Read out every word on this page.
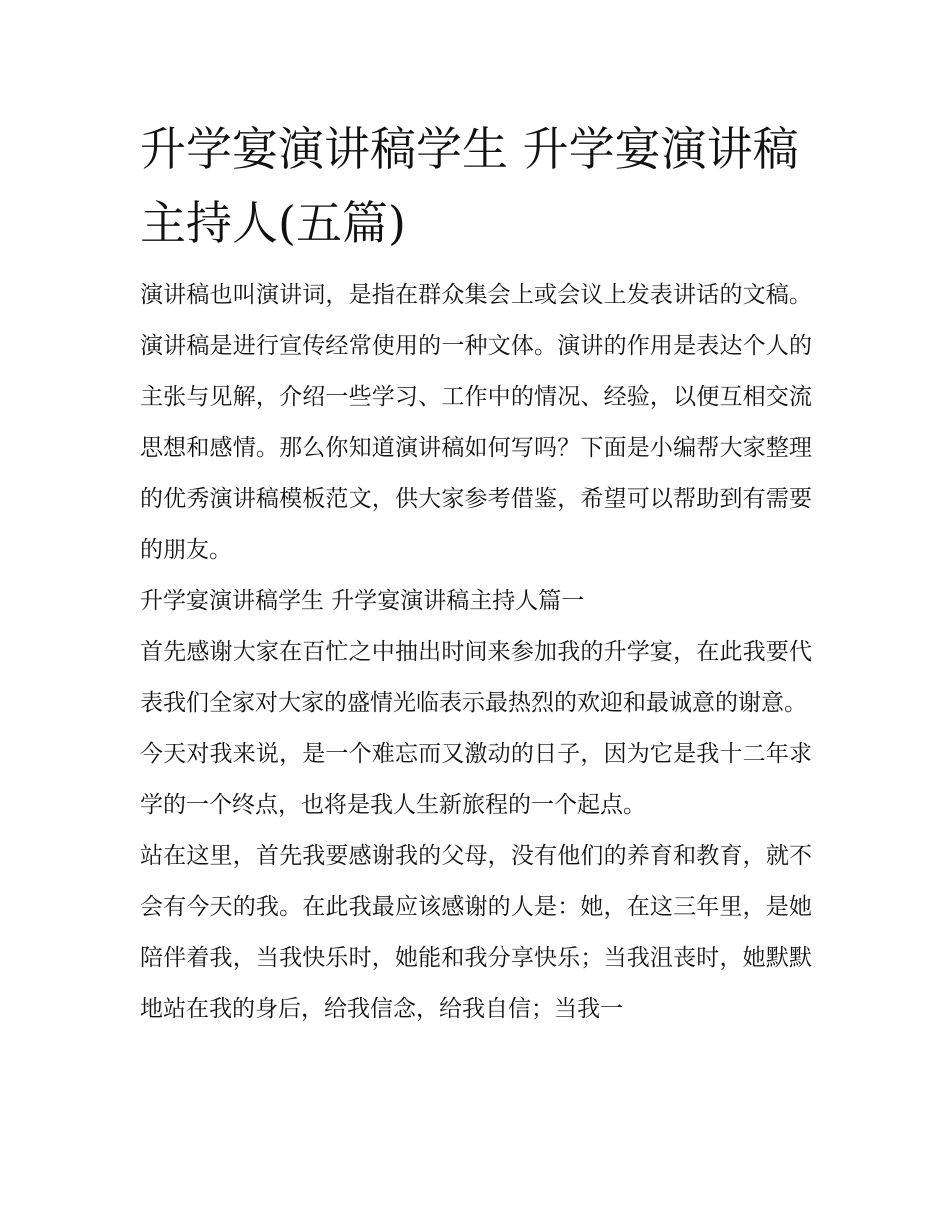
升学宴演讲稿学生 升学宴演讲稿主持人(五篇)

演讲稿也叫演讲词，是指在群众集会上或会议上发表讲话的文稿。演讲稿是进行宣传经常使用的一种文体。演讲的作用是表达个人的主张与见解，介绍一些学习、工作中的情况、经验，以便互相交流思想和感情。那么你知道演讲稿如何写吗？下面是小编帮大家整理的优秀演讲稿模板范文，供大家参考借鉴，希望可以帮助到有需要的朋友。

升学宴演讲稿学生 升学宴演讲稿主持人篇一

首先感谢大家在百忙之中抽出时间来参加我的升学宴，在此我要代表我们全家对大家的盛情光临表示最热烈的欢迎和最诚意的谢意。

今天对我来说，是一个难忘而又激动的日子，因为它是我十二年求学的一个终点，也将是我人生新旅程的一个起点。

站在这里，首先我要感谢我的父母，没有他们的养育和教育，就不会有今天的我。在此我最应该感谢的人是：她，在这三年里，是她陪伴着我，当我快乐时，她能和我分享快乐；当我沮丧时，她默默地站在我的身后，给我信念，给我自信；当我一
